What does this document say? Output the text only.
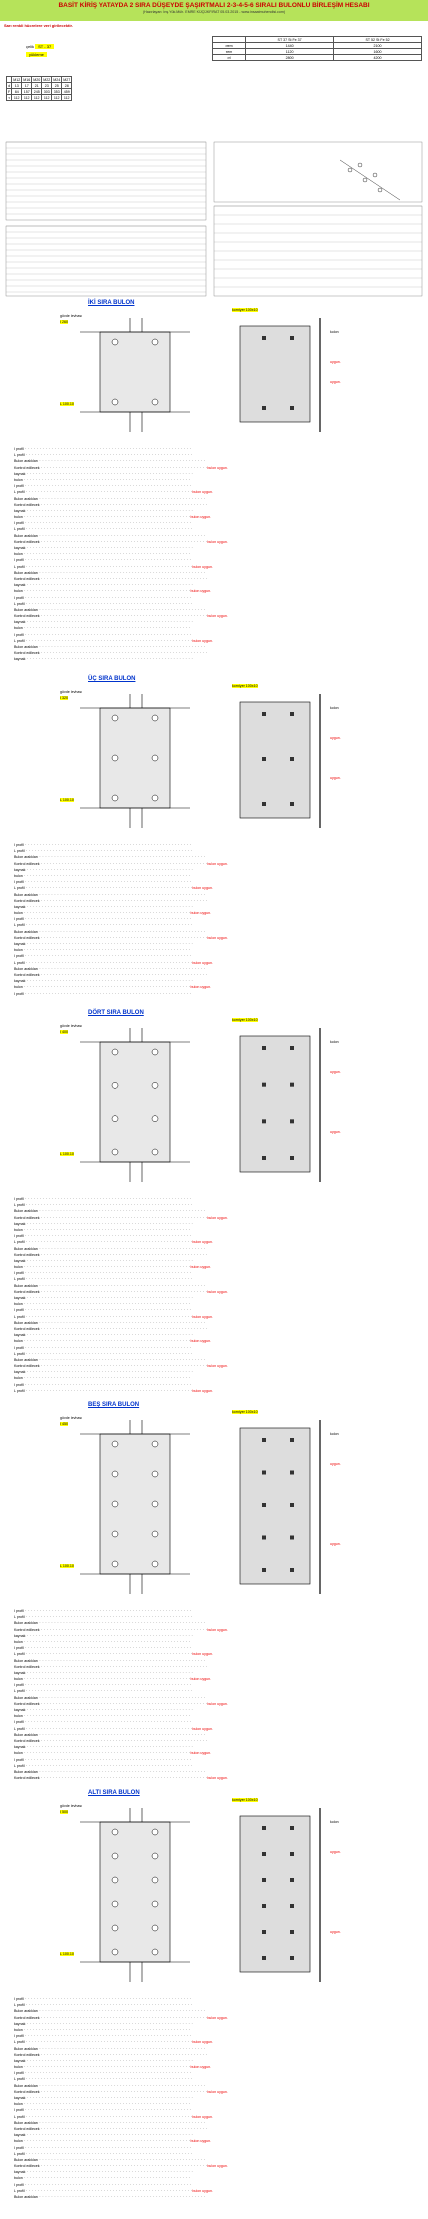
BASİT KİRİŞ YATAYDA 2 SIRA DÜŞEYDE ŞAŞIRTMALI 2-3-4-5-6 SIRALI BULONLU BİRLEŞİM HESABI
(Hazırlayan: İnş.Yük.Müh. EMRE KÜÇÜKFIRAT 05.03.2015 - www.insaatmuhendisi.com)
Sarı renkli hücrelere veri girilecektir.
çelik ST - 37
yükleme
	M12	M16	M20	M22	M24	M27
d	13	17	21	23	25	28
F	84	157	245	303	353	459
τ	112	112	112	112	112	112
	ST 37 St Fe 37	ST 52 St Fe 52
σem	1440	2100
τem	1120	1600
σl	2800	4200
İKİ SIRA BULON
gövde levhası
I 260
korniyer 100x10
kolon
uygun.
L 100.10
uygun.
I profil · · · · · · · · · · · · · · · · · · · · · · · · · · · · · · · · · · · · · · · · · · · · · · · · · · · · · · · ·
L profil · · · · · · · · · · · · · · · · · · · · · · · · · · · · · · · · · · · · · · · · · · · · · · · · · · · · · · · ·
Bulon aralıkları · · · · · · · · · · · · · · · · · · · · · · · · · · · · · · · · · · · · · · · · · · · · · · · · · · · · · · · ·
Kontrol edilecek · · · · · · · · · · · · · · · · · · · · · · · · · · · · · · · · · · · · · · · · · · · · · · · · · · · · · · · ·bulon uygun.
kaynak · · · · · · · · · · · · · · · · · · · · · · · · · · · · · · · · · · · · · · · · · · · · · · · · · · · · · · · ·
bulon · · · · · · · · · · · · · · · · · · · · · · · · · · · · · · · · · · · · · · · · · · · · · · · · · · · · · · · ·
I profil · · · · · · · · · · · · · · · · · · · · · · · · · · · · · · · · · · · · · · · · · · · · · · · · · · · · · · · ·
L profil · · · · · · · · · · · · · · · · · · · · · · · · · · · · · · · · · · · · · · · · · · · · · · · · · · · · · · · ·bulon uygun.
Bulon aralıkları · · · · · · · · · · · · · · · · · · · · · · · · · · · · · · · · · · · · · · · · · · · · · · · · · · · · · · · ·
Kontrol edilecek · · · · · · · · · · · · · · · · · · · · · · · · · · · · · · · · · · · · · · · · · · · · · · · · · · · · · · · ·
kaynak · · · · · · · · · · · · · · · · · · · · · · · · · · · · · · · · · · · · · · · · · · · · · · · · · · · · · · · ·
bulon · · · · · · · · · · · · · · · · · · · · · · · · · · · · · · · · · · · · · · · · · · · · · · · · · · · · · · · ·bulon uygun.
I profil · · · · · · · · · · · · · · · · · · · · · · · · · · · · · · · · · · · · · · · · · · · · · · · · · · · · · · · ·
L profil · · · · · · · · · · · · · · · · · · · · · · · · · · · · · · · · · · · · · · · · · · · · · · · · · · · · · · · ·
Bulon aralıkları · · · · · · · · · · · · · · · · · · · · · · · · · · · · · · · · · · · · · · · · · · · · · · · · · · · · · · · ·
Kontrol edilecek · · · · · · · · · · · · · · · · · · · · · · · · · · · · · · · · · · · · · · · · · · · · · · · · · · · · · · · ·bulon uygun.
kaynak · · · · · · · · · · · · · · · · · · · · · · · · · · · · · · · · · · · · · · · · · · · · · · · · · · · · · · · ·
bulon · · · · · · · · · · · · · · · · · · · · · · · · · · · · · · · · · · · · · · · · · · · · · · · · · · · · · · · ·
I profil · · · · · · · · · · · · · · · · · · · · · · · · · · · · · · · · · · · · · · · · · · · · · · · · · · · · · · · ·
L profil · · · · · · · · · · · · · · · · · · · · · · · · · · · · · · · · · · · · · · · · · · · · · · · · · · · · · · · ·bulon uygun.
Bulon aralıkları · · · · · · · · · · · · · · · · · · · · · · · · · · · · · · · · · · · · · · · · · · · · · · · · · · · · · · · ·
Kontrol edilecek · · · · · · · · · · · · · · · · · · · · · · · · · · · · · · · · · · · · · · · · · · · · · · · · · · · · · · · ·
kaynak · · · · · · · · · · · · · · · · · · · · · · · · · · · · · · · · · · · · · · · · · · · · · · · · · · · · · · · ·
bulon · · · · · · · · · · · · · · · · · · · · · · · · · · · · · · · · · · · · · · · · · · · · · · · · · · · · · · · ·bulon uygun.
I profil · · · · · · · · · · · · · · · · · · · · · · · · · · · · · · · · · · · · · · · · · · · · · · · · · · · · · · · ·
L profil · · · · · · · · · · · · · · · · · · · · · · · · · · · · · · · · · · · · · · · · · · · · · · · · · · · · · · · ·
Bulon aralıkları · · · · · · · · · · · · · · · · · · · · · · · · · · · · · · · · · · · · · · · · · · · · · · · · · · · · · · · ·
Kontrol edilecek · · · · · · · · · · · · · · · · · · · · · · · · · · · · · · · · · · · · · · · · · · · · · · · · · · · · · · · ·bulon uygun.
kaynak · · · · · · · · · · · · · · · · · · · · · · · · · · · · · · · · · · · · · · · · · · · · · · · · · · · · · · · ·
bulon · · · · · · · · · · · · · · · · · · · · · · · · · · · · · · · · · · · · · · · · · · · · · · · · · · · · · · · ·
I profil · · · · · · · · · · · · · · · · · · · · · · · · · · · · · · · · · · · · · · · · · · · · · · · · · · · · · · · ·
L profil · · · · · · · · · · · · · · · · · · · · · · · · · · · · · · · · · · · · · · · · · · · · · · · · · · · · · · · ·bulon uygun.
Bulon aralıkları · · · · · · · · · · · · · · · · · · · · · · · · · · · · · · · · · · · · · · · · · · · · · · · · · · · · · · · ·
Kontrol edilecek · · · · · · · · · · · · · · · · · · · · · · · · · · · · · · · · · · · · · · · · · · · · · · · · · · · · · · · ·
kaynak · · · · · · · · · · · · · · · · · · · · · · · · · · · · · · · · · · · · · · · · · · · · · · · · · · · · · · · ·
ÜÇ SIRA BULON
gövde levhası
I 320
korniyer 100x10
kolon
uygun.
L 100.10
uygun.
I profil · · · · · · · · · · · · · · · · · · · · · · · · · · · · · · · · · · · · · · · · · · · · · · · · · · · · · · · ·
L profil · · · · · · · · · · · · · · · · · · · · · · · · · · · · · · · · · · · · · · · · · · · · · · · · · · · · · · · ·
Bulon aralıkları · · · · · · · · · · · · · · · · · · · · · · · · · · · · · · · · · · · · · · · · · · · · · · · · · · · · · · · ·
Kontrol edilecek · · · · · · · · · · · · · · · · · · · · · · · · · · · · · · · · · · · · · · · · · · · · · · · · · · · · · · · ·bulon uygun.
kaynak · · · · · · · · · · · · · · · · · · · · · · · · · · · · · · · · · · · · · · · · · · · · · · · · · · · · · · · ·
bulon · · · · · · · · · · · · · · · · · · · · · · · · · · · · · · · · · · · · · · · · · · · · · · · · · · · · · · · ·
I profil · · · · · · · · · · · · · · · · · · · · · · · · · · · · · · · · · · · · · · · · · · · · · · · · · · · · · · · ·
L profil · · · · · · · · · · · · · · · · · · · · · · · · · · · · · · · · · · · · · · · · · · · · · · · · · · · · · · · ·bulon uygun.
Bulon aralıkları · · · · · · · · · · · · · · · · · · · · · · · · · · · · · · · · · · · · · · · · · · · · · · · · · · · · · · · ·
Kontrol edilecek · · · · · · · · · · · · · · · · · · · · · · · · · · · · · · · · · · · · · · · · · · · · · · · · · · · · · · · ·
kaynak · · · · · · · · · · · · · · · · · · · · · · · · · · · · · · · · · · · · · · · · · · · · · · · · · · · · · · · ·
bulon · · · · · · · · · · · · · · · · · · · · · · · · · · · · · · · · · · · · · · · · · · · · · · · · · · · · · · · ·bulon uygun.
I profil · · · · · · · · · · · · · · · · · · · · · · · · · · · · · · · · · · · · · · · · · · · · · · · · · · · · · · · ·
L profil · · · · · · · · · · · · · · · · · · · · · · · · · · · · · · · · · · · · · · · · · · · · · · · · · · · · · · · ·
Bulon aralıkları · · · · · · · · · · · · · · · · · · · · · · · · · · · · · · · · · · · · · · · · · · · · · · · · · · · · · · · ·
Kontrol edilecek · · · · · · · · · · · · · · · · · · · · · · · · · · · · · · · · · · · · · · · · · · · · · · · · · · · · · · · ·bulon uygun.
kaynak · · · · · · · · · · · · · · · · · · · · · · · · · · · · · · · · · · · · · · · · · · · · · · · · · · · · · · · ·
bulon · · · · · · · · · · · · · · · · · · · · · · · · · · · · · · · · · · · · · · · · · · · · · · · · · · · · · · · ·
I profil · · · · · · · · · · · · · · · · · · · · · · · · · · · · · · · · · · · · · · · · · · · · · · · · · · · · · · · ·
L profil · · · · · · · · · · · · · · · · · · · · · · · · · · · · · · · · · · · · · · · · · · · · · · · · · · · · · · · ·bulon uygun.
Bulon aralıkları · · · · · · · · · · · · · · · · · · · · · · · · · · · · · · · · · · · · · · · · · · · · · · · · · · · · · · · ·
Kontrol edilecek · · · · · · · · · · · · · · · · · · · · · · · · · · · · · · · · · · · · · · · · · · · · · · · · · · · · · · · ·
kaynak · · · · · · · · · · · · · · · · · · · · · · · · · · · · · · · · · · · · · · · · · · · · · · · · · · · · · · · ·
bulon · · · · · · · · · · · · · · · · · · · · · · · · · · · · · · · · · · · · · · · · · · · · · · · · · · · · · · · ·bulon uygun.
I profil · · · · · · · · · · · · · · · · · · · · · · · · · · · · · · · · · · · · · · · · · · · · · · · · · · · · · · · ·
DÖRT SIRA BULON
gövde levhası
I 400
korniyer 100x10
kolon
uygun.
L 100.10
uygun.
I profil · · · · · · · · · · · · · · · · · · · · · · · · · · · · · · · · · · · · · · · · · · · · · · · · · · · · · · · ·
L profil · · · · · · · · · · · · · · · · · · · · · · · · · · · · · · · · · · · · · · · · · · · · · · · · · · · · · · · ·
Bulon aralıkları · · · · · · · · · · · · · · · · · · · · · · · · · · · · · · · · · · · · · · · · · · · · · · · · · · · · · · · ·
Kontrol edilecek · · · · · · · · · · · · · · · · · · · · · · · · · · · · · · · · · · · · · · · · · · · · · · · · · · · · · · · ·bulon uygun.
kaynak · · · · · · · · · · · · · · · · · · · · · · · · · · · · · · · · · · · · · · · · · · · · · · · · · · · · · · · ·
bulon · · · · · · · · · · · · · · · · · · · · · · · · · · · · · · · · · · · · · · · · · · · · · · · · · · · · · · · ·
I profil · · · · · · · · · · · · · · · · · · · · · · · · · · · · · · · · · · · · · · · · · · · · · · · · · · · · · · · ·
L profil · · · · · · · · · · · · · · · · · · · · · · · · · · · · · · · · · · · · · · · · · · · · · · · · · · · · · · · ·bulon uygun.
Bulon aralıkları · · · · · · · · · · · · · · · · · · · · · · · · · · · · · · · · · · · · · · · · · · · · · · · · · · · · · · · ·
Kontrol edilecek · · · · · · · · · · · · · · · · · · · · · · · · · · · · · · · · · · · · · · · · · · · · · · · · · · · · · · · ·
kaynak · · · · · · · · · · · · · · · · · · · · · · · · · · · · · · · · · · · · · · · · · · · · · · · · · · · · · · · ·
bulon · · · · · · · · · · · · · · · · · · · · · · · · · · · · · · · · · · · · · · · · · · · · · · · · · · · · · · · ·bulon uygun.
I profil · · · · · · · · · · · · · · · · · · · · · · · · · · · · · · · · · · · · · · · · · · · · · · · · · · · · · · · ·
L profil · · · · · · · · · · · · · · · · · · · · · · · · · · · · · · · · · · · · · · · · · · · · · · · · · · · · · · · ·
Bulon aralıkları · · · · · · · · · · · · · · · · · · · · · · · · · · · · · · · · · · · · · · · · · · · · · · · · · · · · · · · ·
Kontrol edilecek · · · · · · · · · · · · · · · · · · · · · · · · · · · · · · · · · · · · · · · · · · · · · · · · · · · · · · · ·bulon uygun.
kaynak · · · · · · · · · · · · · · · · · · · · · · · · · · · · · · · · · · · · · · · · · · · · · · · · · · · · · · · ·
bulon · · · · · · · · · · · · · · · · · · · · · · · · · · · · · · · · · · · · · · · · · · · · · · · · · · · · · · · ·
I profil · · · · · · · · · · · · · · · · · · · · · · · · · · · · · · · · · · · · · · · · · · · · · · · · · · · · · · · ·
L profil · · · · · · · · · · · · · · · · · · · · · · · · · · · · · · · · · · · · · · · · · · · · · · · · · · · · · · · ·bulon uygun.
Bulon aralıkları · · · · · · · · · · · · · · · · · · · · · · · · · · · · · · · · · · · · · · · · · · · · · · · · · · · · · · · ·
Kontrol edilecek · · · · · · · · · · · · · · · · · · · · · · · · · · · · · · · · · · · · · · · · · · · · · · · · · · · · · · · ·
kaynak · · · · · · · · · · · · · · · · · · · · · · · · · · · · · · · · · · · · · · · · · · · · · · · · · · · · · · · ·
bulon · · · · · · · · · · · · · · · · · · · · · · · · · · · · · · · · · · · · · · · · · · · · · · · · · · · · · · · ·bulon uygun.
I profil · · · · · · · · · · · · · · · · · · · · · · · · · · · · · · · · · · · · · · · · · · · · · · · · · · · · · · · ·
L profil · · · · · · · · · · · · · · · · · · · · · · · · · · · · · · · · · · · · · · · · · · · · · · · · · · · · · · · ·
Bulon aralıkları · · · · · · · · · · · · · · · · · · · · · · · · · · · · · · · · · · · · · · · · · · · · · · · · · · · · · · · ·
Kontrol edilecek · · · · · · · · · · · · · · · · · · · · · · · · · · · · · · · · · · · · · · · · · · · · · · · · · · · · · · · ·bulon uygun.
kaynak · · · · · · · · · · · · · · · · · · · · · · · · · · · · · · · · · · · · · · · · · · · · · · · · · · · · · · · ·
bulon · · · · · · · · · · · · · · · · · · · · · · · · · · · · · · · · · · · · · · · · · · · · · · · · · · · · · · · ·
I profil · · · · · · · · · · · · · · · · · · · · · · · · · · · · · · · · · · · · · · · · · · · · · · · · · · · · · · · ·
L profil · · · · · · · · · · · · · · · · · · · · · · · · · · · · · · · · · · · · · · · · · · · · · · · · · · · · · · · ·bulon uygun.
BEŞ SIRA BULON
gövde levhası
I 450
korniyer 100x10
kolon
uygun.
L 100.10
uygun.
I profil · · · · · · · · · · · · · · · · · · · · · · · · · · · · · · · · · · · · · · · · · · · · · · · · · · · · · · · ·
L profil · · · · · · · · · · · · · · · · · · · · · · · · · · · · · · · · · · · · · · · · · · · · · · · · · · · · · · · ·
Bulon aralıkları · · · · · · · · · · · · · · · · · · · · · · · · · · · · · · · · · · · · · · · · · · · · · · · · · · · · · · · ·
Kontrol edilecek · · · · · · · · · · · · · · · · · · · · · · · · · · · · · · · · · · · · · · · · · · · · · · · · · · · · · · · ·bulon uygun.
kaynak · · · · · · · · · · · · · · · · · · · · · · · · · · · · · · · · · · · · · · · · · · · · · · · · · · · · · · · ·
bulon · · · · · · · · · · · · · · · · · · · · · · · · · · · · · · · · · · · · · · · · · · · · · · · · · · · · · · · ·
I profil · · · · · · · · · · · · · · · · · · · · · · · · · · · · · · · · · · · · · · · · · · · · · · · · · · · · · · · ·
L profil · · · · · · · · · · · · · · · · · · · · · · · · · · · · · · · · · · · · · · · · · · · · · · · · · · · · · · · ·bulon uygun.
Bulon aralıkları · · · · · · · · · · · · · · · · · · · · · · · · · · · · · · · · · · · · · · · · · · · · · · · · · · · · · · · ·
Kontrol edilecek · · · · · · · · · · · · · · · · · · · · · · · · · · · · · · · · · · · · · · · · · · · · · · · · · · · · · · · ·
kaynak · · · · · · · · · · · · · · · · · · · · · · · · · · · · · · · · · · · · · · · · · · · · · · · · · · · · · · · ·
bulon · · · · · · · · · · · · · · · · · · · · · · · · · · · · · · · · · · · · · · · · · · · · · · · · · · · · · · · ·bulon uygun.
I profil · · · · · · · · · · · · · · · · · · · · · · · · · · · · · · · · · · · · · · · · · · · · · · · · · · · · · · · ·
L profil · · · · · · · · · · · · · · · · · · · · · · · · · · · · · · · · · · · · · · · · · · · · · · · · · · · · · · · ·
Bulon aralıkları · · · · · · · · · · · · · · · · · · · · · · · · · · · · · · · · · · · · · · · · · · · · · · · · · · · · · · · ·
Kontrol edilecek · · · · · · · · · · · · · · · · · · · · · · · · · · · · · · · · · · · · · · · · · · · · · · · · · · · · · · · ·bulon uygun.
kaynak · · · · · · · · · · · · · · · · · · · · · · · · · · · · · · · · · · · · · · · · · · · · · · · · · · · · · · · ·
bulon · · · · · · · · · · · · · · · · · · · · · · · · · · · · · · · · · · · · · · · · · · · · · · · · · · · · · · · ·
I profil · · · · · · · · · · · · · · · · · · · · · · · · · · · · · · · · · · · · · · · · · · · · · · · · · · · · · · · ·
L profil · · · · · · · · · · · · · · · · · · · · · · · · · · · · · · · · · · · · · · · · · · · · · · · · · · · · · · · ·bulon uygun.
Bulon aralıkları · · · · · · · · · · · · · · · · · · · · · · · · · · · · · · · · · · · · · · · · · · · · · · · · · · · · · · · ·
Kontrol edilecek · · · · · · · · · · · · · · · · · · · · · · · · · · · · · · · · · · · · · · · · · · · · · · · · · · · · · · · ·
kaynak · · · · · · · · · · · · · · · · · · · · · · · · · · · · · · · · · · · · · · · · · · · · · · · · · · · · · · · ·
bulon · · · · · · · · · · · · · · · · · · · · · · · · · · · · · · · · · · · · · · · · · · · · · · · · · · · · · · · ·bulon uygun.
I profil · · · · · · · · · · · · · · · · · · · · · · · · · · · · · · · · · · · · · · · · · · · · · · · · · · · · · · · ·
L profil · · · · · · · · · · · · · · · · · · · · · · · · · · · · · · · · · · · · · · · · · · · · · · · · · · · · · · · ·
Bulon aralıkları · · · · · · · · · · · · · · · · · · · · · · · · · · · · · · · · · · · · · · · · · · · · · · · · · · · · · · · ·
Kontrol edilecek · · · · · · · · · · · · · · · · · · · · · · · · · · · · · · · · · · · · · · · · · · · · · · · · · · · · · · · ·bulon uygun.
ALTI SIRA BULON
gövde levhası
I 500
korniyer 100x10
kolon
uygun.
L 100.10
uygun.
I profil · · · · · · · · · · · · · · · · · · · · · · · · · · · · · · · · · · · · · · · · · · · · · · · · · · · · · · · ·
L profil · · · · · · · · · · · · · · · · · · · · · · · · · · · · · · · · · · · · · · · · · · · · · · · · · · · · · · · ·
Bulon aralıkları · · · · · · · · · · · · · · · · · · · · · · · · · · · · · · · · · · · · · · · · · · · · · · · · · · · · · · · ·
Kontrol edilecek · · · · · · · · · · · · · · · · · · · · · · · · · · · · · · · · · · · · · · · · · · · · · · · · · · · · · · · ·bulon uygun.
kaynak · · · · · · · · · · · · · · · · · · · · · · · · · · · · · · · · · · · · · · · · · · · · · · · · · · · · · · · ·
bulon · · · · · · · · · · · · · · · · · · · · · · · · · · · · · · · · · · · · · · · · · · · · · · · · · · · · · · · ·
I profil · · · · · · · · · · · · · · · · · · · · · · · · · · · · · · · · · · · · · · · · · · · · · · · · · · · · · · · ·
L profil · · · · · · · · · · · · · · · · · · · · · · · · · · · · · · · · · · · · · · · · · · · · · · · · · · · · · · · ·bulon uygun.
Bulon aralıkları · · · · · · · · · · · · · · · · · · · · · · · · · · · · · · · · · · · · · · · · · · · · · · · · · · · · · · · ·
Kontrol edilecek · · · · · · · · · · · · · · · · · · · · · · · · · · · · · · · · · · · · · · · · · · · · · · · · · · · · · · · ·
kaynak · · · · · · · · · · · · · · · · · · · · · · · · · · · · · · · · · · · · · · · · · · · · · · · · · · · · · · · ·
bulon · · · · · · · · · · · · · · · · · · · · · · · · · · · · · · · · · · · · · · · · · · · · · · · · · · · · · · · ·bulon uygun.
I profil · · · · · · · · · · · · · · · · · · · · · · · · · · · · · · · · · · · · · · · · · · · · · · · · · · · · · · · ·
L profil · · · · · · · · · · · · · · · · · · · · · · · · · · · · · · · · · · · · · · · · · · · · · · · · · · · · · · · ·
Bulon aralıkları · · · · · · · · · · · · · · · · · · · · · · · · · · · · · · · · · · · · · · · · · · · · · · · · · · · · · · · ·
Kontrol edilecek · · · · · · · · · · · · · · · · · · · · · · · · · · · · · · · · · · · · · · · · · · · · · · · · · · · · · · · ·bulon uygun.
kaynak · · · · · · · · · · · · · · · · · · · · · · · · · · · · · · · · · · · · · · · · · · · · · · · · · · · · · · · ·
bulon · · · · · · · · · · · · · · · · · · · · · · · · · · · · · · · · · · · · · · · · · · · · · · · · · · · · · · · ·
I profil · · · · · · · · · · · · · · · · · · · · · · · · · · · · · · · · · · · · · · · · · · · · · · · · · · · · · · · ·
L profil · · · · · · · · · · · · · · · · · · · · · · · · · · · · · · · · · · · · · · · · · · · · · · · · · · · · · · · ·bulon uygun.
Bulon aralıkları · · · · · · · · · · · · · · · · · · · · · · · · · · · · · · · · · · · · · · · · · · · · · · · · · · · · · · · ·
Kontrol edilecek · · · · · · · · · · · · · · · · · · · · · · · · · · · · · · · · · · · · · · · · · · · · · · · · · · · · · · · ·
kaynak · · · · · · · · · · · · · · · · · · · · · · · · · · · · · · · · · · · · · · · · · · · · · · · · · · · · · · · ·
bulon · · · · · · · · · · · · · · · · · · · · · · · · · · · · · · · · · · · · · · · · · · · · · · · · · · · · · · · ·bulon uygun.
I profil · · · · · · · · · · · · · · · · · · · · · · · · · · · · · · · · · · · · · · · · · · · · · · · · · · · · · · · ·
L profil · · · · · · · · · · · · · · · · · · · · · · · · · · · · · · · · · · · · · · · · · · · · · · · · · · · · · · · ·
Bulon aralıkları · · · · · · · · · · · · · · · · · · · · · · · · · · · · · · · · · · · · · · · · · · · · · · · · · · · · · · · ·
Kontrol edilecek · · · · · · · · · · · · · · · · · · · · · · · · · · · · · · · · · · · · · · · · · · · · · · · · · · · · · · · ·bulon uygun.
kaynak · · · · · · · · · · · · · · · · · · · · · · · · · · · · · · · · · · · · · · · · · · · · · · · · · · · · · · · ·
bulon · · · · · · · · · · · · · · · · · · · · · · · · · · · · · · · · · · · · · · · · · · · · · · · · · · · · · · · ·
I profil · · · · · · · · · · · · · · · · · · · · · · · · · · · · · · · · · · · · · · · · · · · · · · · · · · · · · · · ·
L profil · · · · · · · · · · · · · · · · · · · · · · · · · · · · · · · · · · · · · · · · · · · · · · · · · · · · · · · ·bulon uygun.
Bulon aralıkları · · · · · · · · · · · · · · · · · · · · · · · · · · · · · · · · · · · · · · · · · · · · · · · · · · · · · · · ·
